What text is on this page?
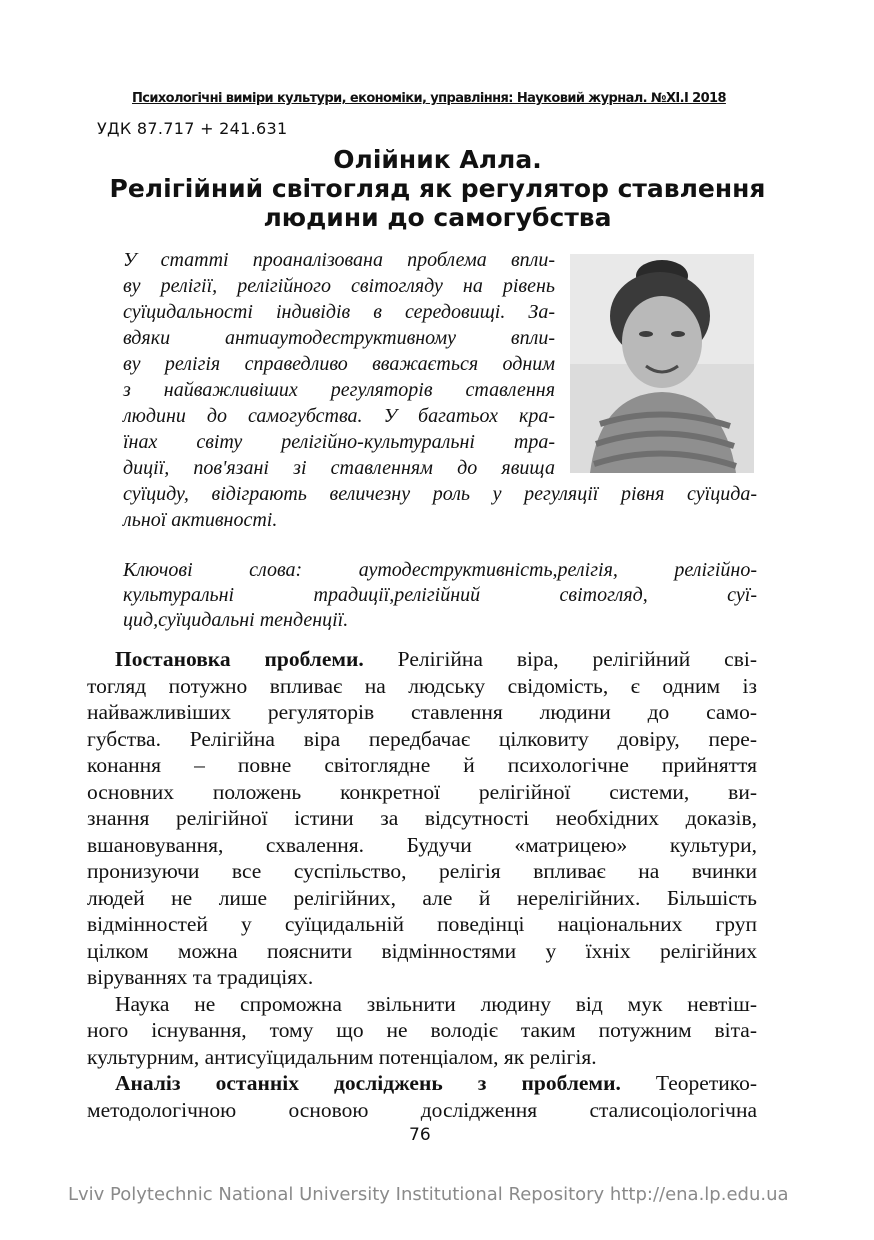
Психологічні виміри культури, економіки, управління: Науковий журнал. №XI.І 2018
УДК 87.717 + 241.631
Олійник Алла.
Релігійний світогляд як регулятор ставлення
людини до самогубства
У статті проаналізована проблема впли-
ву релігії, релігійного світогляду на рівень
суїцидальності індивідів в середовищі. За-
вдяки антиаутодеструктивному впли-
ву релігія справедливо вважається одним
з найважливіших регуляторів ставлення
людини до самогубства. У багатьох кра-
їнах світу релігійно-культуральні тра-
диції, пов'язані зі ставленням до явища
суїциду, відіграють величезну роль у регуляції рівня суїцида-
льної активності.
Ключові слова: аутодеструктивність,релігія, релігійно-
культуральні традиції,релігійний світогляд, суї-
цид,суїцидальні тенденції.

Постановка проблеми. Релігійна віра, релігійний сві-
тогляд потужно впливає на людську свідомість, є одним із
найважливіших регуляторів ставлення людини до само-
губства. Релігійна віра передбачає цілковиту довіру, пере-
конання – повне світоглядне й психологічне прийняття
основних положень конкретної релігійної системи, ви-
знання релігійної істини за відсутності необхідних доказів,
вшановування, схвалення. Будучи «матрицею» культури,
пронизуючи все суспільство, релігія впливає на вчинки
людей не лише релігійних, але й нерелігійних. Більшість
відмінностей у суїцидальній поведінці національних груп
цілком можна пояснити відмінностями у їхніх релігійних
віруваннях та традиціях.

Наука не спроможна звільнити людину від мук невтіш-
ного існування, тому що не володіє таким потужним віта-
культурним, антисуїцидальним потенціалом, як релігія.

Аналіз останніх досліджень з проблеми. Теоретико-
методологічною основою дослідження сталисоціологічна

76
Lviv Polytechnic National University Institutional Repository http://ena.lp.edu.ua
